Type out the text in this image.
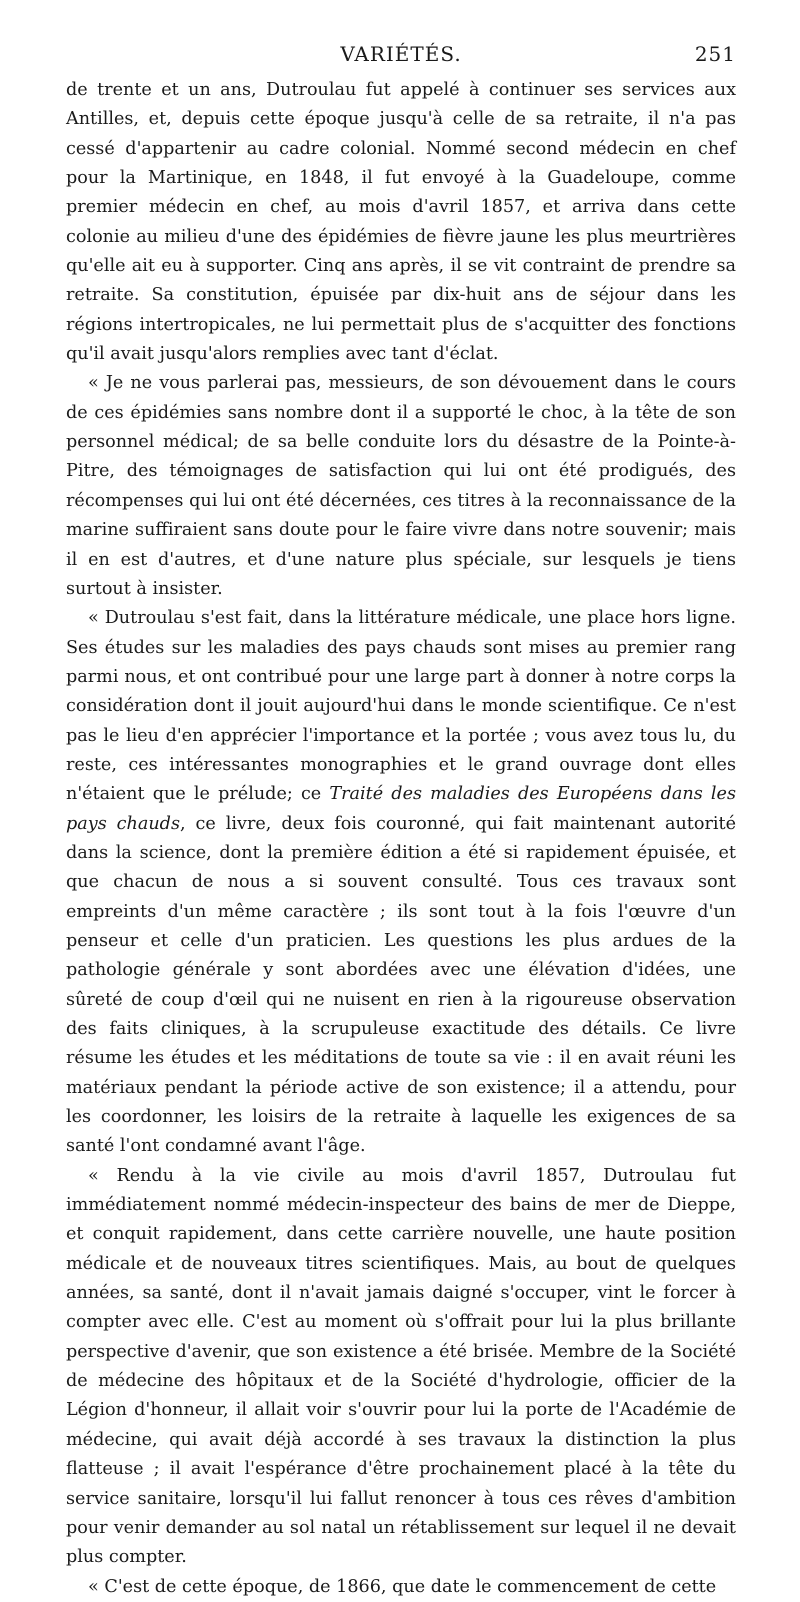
VARIÉTÉS.	251

de trente et un ans, Dutroulau fut appelé à continuer ses services aux Antilles, et, depuis cette époque jusqu'à celle de sa retraite, il n'a pas cessé d'appartenir au cadre colonial. Nommé second médecin en chef pour la Martinique, en 1848, il fut envoyé à la Guadeloupe, comme premier médecin en chef, au mois d'avril 1857, et arriva dans cette colonie au milieu d'une des épidémies de fièvre jaune les plus meurtrières qu'elle ait eu à supporter. Cinq ans après, il se vit contraint de prendre sa retraite. Sa constitution, épuisée par dix-huit ans de séjour dans les régions intertropicales, ne lui permettait plus de s'acquitter des fonctions qu'il avait jusqu'alors remplies avec tant d'éclat.

« Je ne vous parlerai pas, messieurs, de son dévouement dans le cours de ces épidémies sans nombre dont il a supporté le choc, à la tête de son personnel médical; de sa belle conduite lors du désastre de la Pointe-à-Pitre, des témoignages de satisfaction qui lui ont été prodigués, des récompenses qui lui ont été décernées, ces titres à la reconnaissance de la marine suffiraient sans doute pour le faire vivre dans notre souvenir; mais il en est d'autres, et d'une nature plus spéciale, sur lesquels je tiens surtout à insister.

« Dutroulau s'est fait, dans la littérature médicale, une place hors ligne. Ses études sur les maladies des pays chauds sont mises au premier rang parmi nous, et ont contribué pour une large part à donner à notre corps la considération dont il jouit aujourd'hui dans le monde scientifique. Ce n'est pas le lieu d'en apprécier l'importance et la portée ; vous avez tous lu, du reste, ces intéressantes monographies et le grand ouvrage dont elles n'étaient que le prélude; ce Traité des maladies des Européens dans les pays chauds, ce livre, deux fois couronné, qui fait maintenant autorité dans la science, dont la première édition a été si rapidement épuisée, et que chacun de nous a si souvent consulté. Tous ces travaux sont empreints d'un même caractère ; ils sont tout à la fois l'œuvre d'un penseur et celle d'un praticien. Les questions les plus ardues de la pathologie générale y sont abordées avec une élévation d'idées, une sûreté de coup d'œil qui ne nuisent en rien à la rigoureuse observation des faits cliniques, à la scrupuleuse exactitude des détails. Ce livre résume les études et les méditations de toute sa vie : il en avait réuni les matériaux pendant la période active de son existence; il a attendu, pour les coordonner, les loisirs de la retraite à laquelle les exigences de sa santé l'ont condamné avant l'âge.

« Rendu à la vie civile au mois d'avril 1857, Dutroulau fut immédiatement nommé médecin-inspecteur des bains de mer de Dieppe, et conquit rapidement, dans cette carrière nouvelle, une haute position médicale et de nouveaux titres scientifiques. Mais, au bout de quelques années, sa santé, dont il n'avait jamais daigné s'occuper, vint le forcer à compter avec elle. C'est au moment où s'offrait pour lui la plus brillante perspective d'avenir, que son existence a été brisée. Membre de la Société de médecine des hôpitaux et de la Société d'hydrologie, officier de la Légion d'honneur, il allait voir s'ouvrir pour lui la porte de l'Académie de médecine, qui avait déjà accordé à ses travaux la distinction la plus flatteuse ; il avait l'espérance d'être prochainement placé à la tête du service sanitaire, lorsqu'il lui fallut renoncer à tous ces rêves d'ambition pour venir demander au sol natal un rétablissement sur lequel il ne devait plus compter.

« C'est de cette époque, de 1866, que date le commencement de cette
